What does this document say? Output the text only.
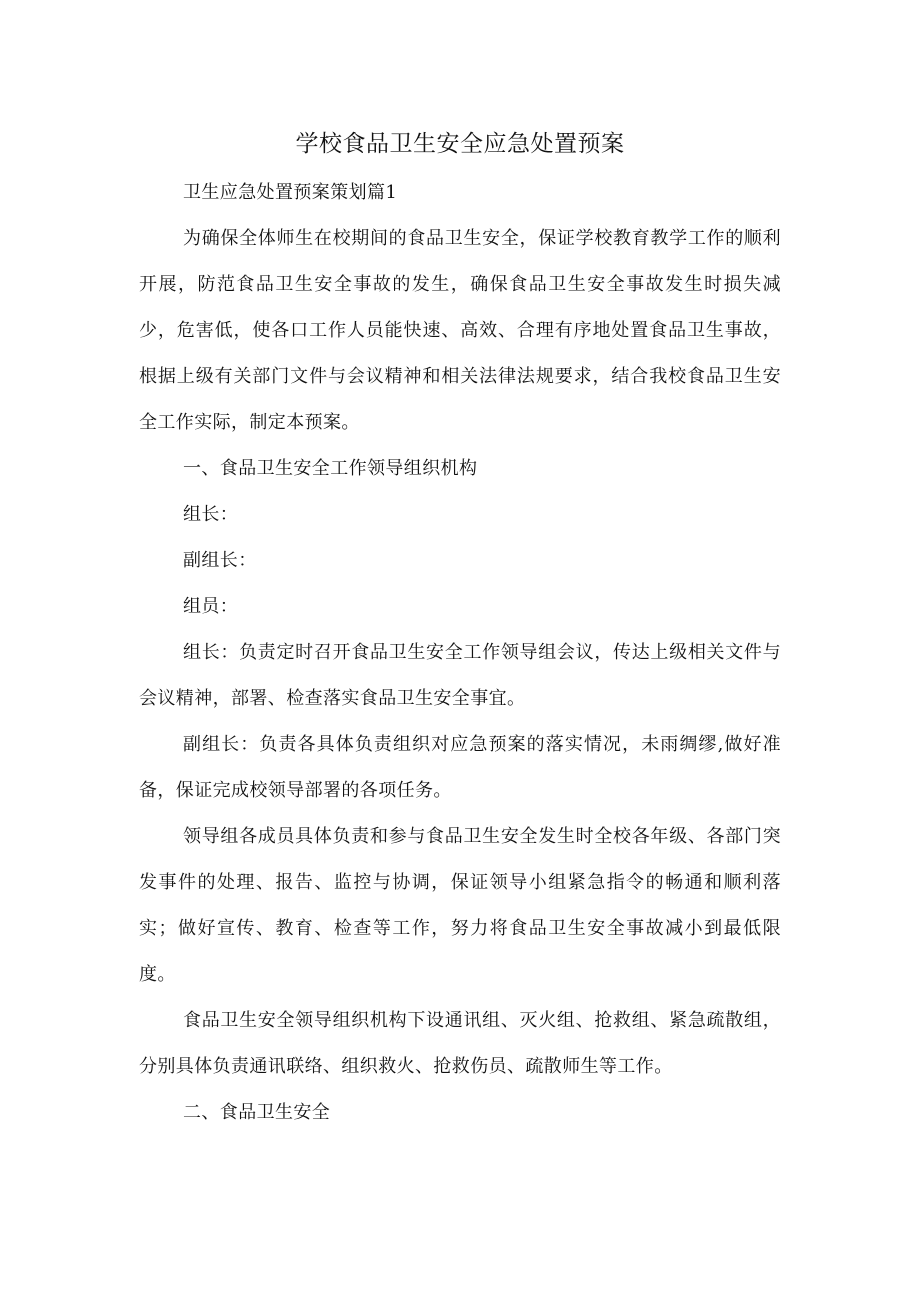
学校食品卫生安全应急处置预案

卫生应急处置预案策划篇1

为确保全体师生在校期间的食品卫生安全，保证学校教育教学工作的顺利开展，防范食品卫生安全事故的发生，确保食品卫生安全事故发生时损失减少，危害低，使各口工作人员能快速、高效、合理有序地处置食品卫生事故，根据上级有关部门文件与会议精神和相关法律法规要求，结合我校食品卫生安全工作实际，制定本预案。

一、食品卫生安全工作领导组织机构

组长：

副组长：

组员：

组长：负责定时召开食品卫生安全工作领导组会议，传达上级相关文件与会议精神，部署、检查落实食品卫生安全事宜。

副组长：负责各具体负责组织对应急预案的落实情况，未雨绸缪,做好准备，保证完成校领导部署的各项任务。

领导组各成员具体负责和参与食品卫生安全发生时全校各年级、各部门突发事件的处理、报告、监控与协调，保证领导小组紧急指令的畅通和顺利落实；做好宣传、教育、检查等工作，努力将食品卫生安全事故减小到最低限度。

食品卫生安全领导组织机构下设通讯组、灭火组、抢救组、紧急疏散组，分别具体负责通讯联络、组织救火、抢救伤员、疏散师生等工作。

二、食品卫生安全
